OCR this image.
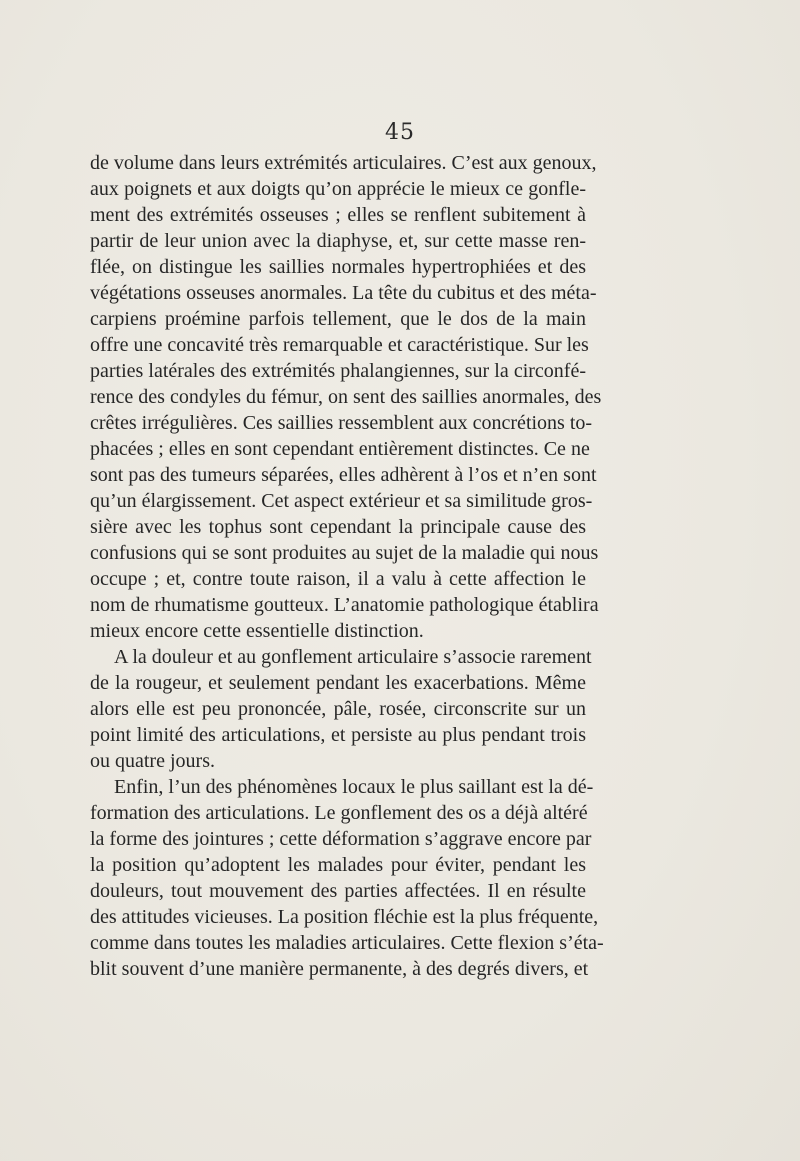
45
de volume dans leurs extrémités articulaires. C’est aux genoux,
aux poignets et aux doigts qu’on apprécie le mieux ce gonfle-
ment des extrémités osseuses ; elles se renflent subitement à
partir de leur union avec la diaphyse, et, sur cette masse ren-
flée, on distingue les saillies normales hypertrophiées et des
végétations osseuses anormales. La tête du cubitus et des méta-
carpiens proémine parfois tellement, que le dos de la main
offre une concavité très remarquable et caractéristique. Sur les
parties latérales des extrémités phalangiennes, sur la circonfé-
rence des condyles du fémur, on sent des saillies anormales, des
crêtes irrégulières. Ces saillies ressemblent aux concrétions to-
phacées ; elles en sont cependant entièrement distinctes. Ce ne
sont pas des tumeurs séparées, elles adhèrent à l’os et n’en sont
qu’un élargissement. Cet aspect extérieur et sa similitude gros-
sière avec les tophus sont cependant la principale cause des
confusions qui se sont produites au sujet de la maladie qui nous
occupe ; et, contre toute raison, il a valu à cette affection le
nom de rhumatisme goutteux. L’anatomie pathologique établira
mieux encore cette essentielle distinction.
A la douleur et au gonflement articulaire s’associe rarement
de la rougeur, et seulement pendant les exacerbations. Même
alors elle est peu prononcée, pâle, rosée, circonscrite sur un
point limité des articulations, et persiste au plus pendant trois
ou quatre jours.
Enfin, l’un des phénomènes locaux le plus saillant est la dé-
formation des articulations. Le gonflement des os a déjà altéré
la forme des jointures ; cette déformation s’aggrave encore par
la position qu’adoptent les malades pour éviter, pendant les
douleurs, tout mouvement des parties affectées. Il en résulte
des attitudes vicieuses. La position fléchie est la plus fréquente,
comme dans toutes les maladies articulaires. Cette flexion s’éta-
blit souvent d’une manière permanente, à des degrés divers, et
